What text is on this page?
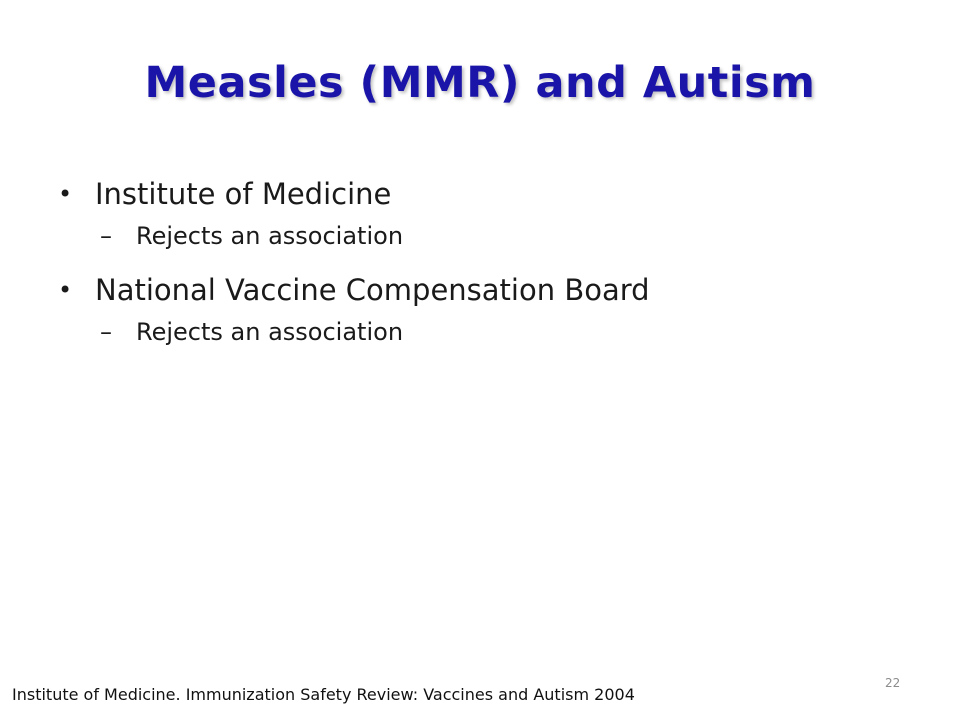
Measles (MMR) and Autism
• Institute of Medicine
– Rejects an association
• National Vaccine Compensation Board
– Rejects an association
Institute of Medicine. Immunization Safety Review: Vaccines and Autism 2004
22
